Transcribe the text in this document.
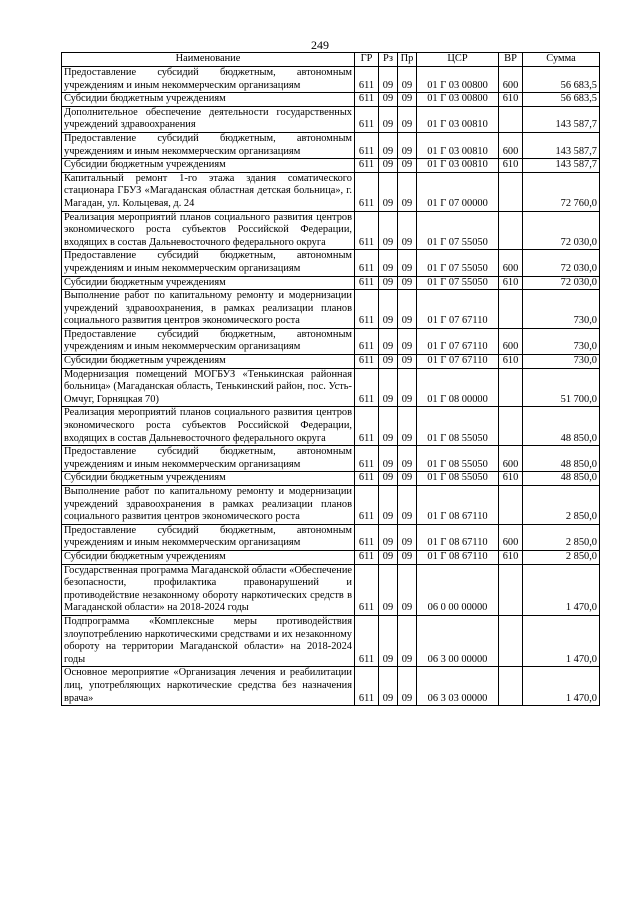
249
Наименование	ГР	Рз	Пр	ЦСР	ВР	Сумма
Предоставление субсидий бюджетным, автономным учреждениям и иным некоммерческим организациям	611	09	09	01 Г 03 00800	600	56 683,5
Субсидии бюджетным учреждениям	611	09	09	01 Г 03 00800	610	56 683,5
Дополнительное обеспечение деятельности государственных учреждений здравоохранения	611	09	09	01 Г 03 00810		143 587,7
Предоставление субсидий бюджетным, автономным учреждениям и иным некоммерческим организациям	611	09	09	01 Г 03 00810	600	143 587,7
Субсидии бюджетным учреждениям	611	09	09	01 Г 03 00810	610	143 587,7
Капитальный ремонт 1-го этажа здания соматического стационара ГБУЗ «Магаданская областная детская больница», г. Магадан, ул. Кольцевая, д. 24	611	09	09	01 Г 07 00000		72 760,0
Реализация мероприятий планов социального развития центров экономического роста субъектов Российской Федерации, входящих в состав Дальневосточного федерального округа	611	09	09	01 Г 07 55050		72 030,0
Предоставление субсидий бюджетным, автономным учреждениям и иным некоммерческим организациям	611	09	09	01 Г 07 55050	600	72 030,0
Субсидии бюджетным учреждениям	611	09	09	01 Г 07 55050	610	72 030,0
Выполнение работ по капитальному ремонту и модернизации учреждений здравоохранения, в рамках реализации планов социального развития центров экономического роста	611	09	09	01 Г 07 67110		730,0
Предоставление субсидий бюджетным, автономным учреждениям и иным некоммерческим организациям	611	09	09	01 Г 07 67110	600	730,0
Субсидии бюджетным учреждениям	611	09	09	01 Г 07 67110	610	730,0
Модернизация помещений МОГБУЗ «Тенькинская районная больница» (Магаданская область, Тенькинский район, пос. Усть-Омчуг, Горняцкая 70)	611	09	09	01 Г 08 00000		51 700,0
Реализация мероприятий планов социального развития центров экономического роста субъектов Российской Федерации, входящих в состав Дальневосточного федерального округа	611	09	09	01 Г 08 55050		48 850,0
Предоставление субсидий бюджетным, автономным учреждениям и иным некоммерческим организациям	611	09	09	01 Г 08 55050	600	48 850,0
Субсидии бюджетным учреждениям	611	09	09	01 Г 08 55050	610	48 850,0
Выполнение работ по капитальному ремонту и модернизации учреждений здравоохранения в рамках реализации планов социального развития центров экономического роста	611	09	09	01 Г 08 67110		2 850,0
Предоставление субсидий бюджетным, автономным учреждениям и иным некоммерческим организациям	611	09	09	01 Г 08 67110	600	2 850,0
Субсидии бюджетным учреждениям	611	09	09	01 Г 08 67110	610	2 850,0
Государственная программа Магаданской области «Обеспечение безопасности, профилактика правонарушений и противодействие незаконному обороту наркотических средств в Магаданской области» на 2018-2024 годы	611	09	09	06 0 00 00000		1 470,0
Подпрограмма «Комплексные меры противодействия злоупотреблению наркотическими средствами и их незаконному обороту на территории Магаданской области» на 2018-2024 годы	611	09	09	06 3 00 00000		1 470,0
Основное мероприятие «Организация лечения и реабилитации лиц, употребляющих наркотические средства без назначения врача»	611	09	09	06 3 03 00000		1 470,0
